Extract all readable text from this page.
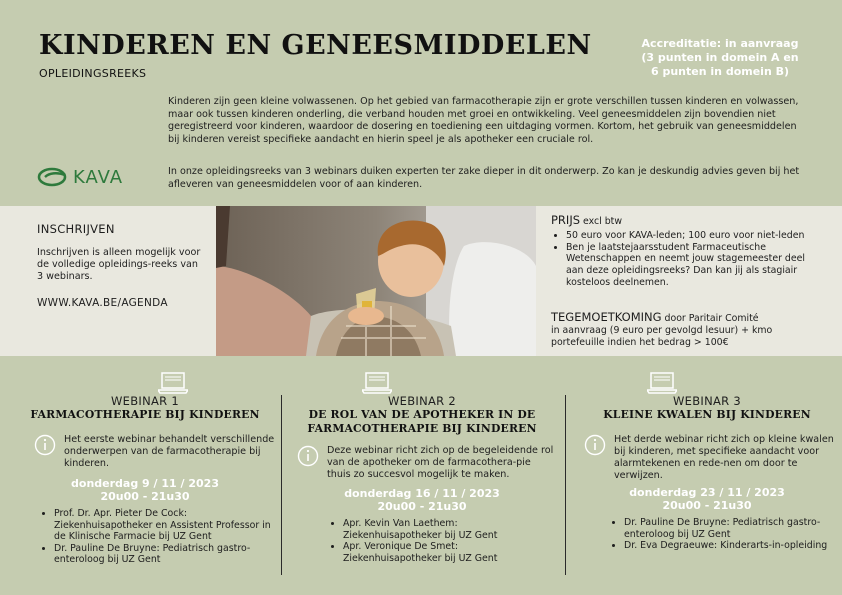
KINDEREN EN GENEESMIDDELEN
OPLEIDINGSREEKS
Accreditatie: in aanvraag
(3 punten in domein A en
6 punten in domein B)
Kinderen zijn geen kleine volwassenen. Op het gebied van farmacotherapie zijn er grote verschillen tussen kinderen en volwassen, maar ook tussen kinderen onderling, die verband houden met groei en ontwikkeling. Veel geneesmiddelen zijn bovendien niet geregistreerd voor kinderen, waardoor de dosering en toediening een uitdaging vormen. Kortom, het gebruik van geneesmiddelen bij kinderen vereist specifieke aandacht en hierin speel je als apotheker een cruciale rol.
In onze opleidingsreeks van 3 webinars duiken experten ter zake dieper in dit onderwerp. Zo kan je deskundig advies geven bij het afleveren van geneesmiddelen voor of aan kinderen.
KAVA
INSCHRIJVEN
Inschrijven is alleen mogelijk voor de volledige opleidings-reeks van 3 webinars.
WWW.KAVA.BE/AGENDA
PRIJS excl btw
• 50 euro voor KAVA-leden; 100 euro voor niet-leden
• Ben je laatstejaarsstudent Farmaceutische Wetenschappen en neemt jouw stagemeester deel aan deze opleidingsreeks? Dan kan jij als stagiair kosteloos deelnemen.
TEGEMOETKOMING door Paritair Comité
in aanvraag (9 euro per gevolgd lesuur) + kmo portefeuille indien het bedrag > 100€
WEBINAR 1
FARMACOTHERAPIE BIJ KINDEREN
Het eerste webinar behandelt verschillende onderwerpen van de farmacotherapie bij kinderen.
donderdag 9 / 11 / 2023
20u00 - 21u30
• Prof. Dr. Apr. Pieter De Cock: Ziekenhuisapotheker en Assistent Professor in de Klinische Farmacie bij UZ Gent
• Dr. Pauline De Bruyne: Pediatrisch gastro-enteroloog bij UZ Gent
WEBINAR 2
DE ROL VAN DE APOTHEKER IN DE FARMACOTHERAPIE BIJ KINDEREN
Deze webinar richt zich op de begeleidende rol van de apotheker om de farmacothera-pie thuis zo succesvol mogelijk te maken.
donderdag 16 / 11 / 2023
20u00 - 21u30
• Apr. Kevin Van Laethem: Ziekenhuisapotheker bij UZ Gent
• Apr. Veronique De Smet: Ziekenhuisapotheker bij UZ Gent
WEBINAR 3
KLEINE KWALEN BIJ KINDEREN
Het derde webinar richt zich op kleine kwalen bij kinderen, met specifieke aandacht voor alarmtekenen en rede-nen om door te verwijzen.
donderdag 23 / 11 / 2023
20u00 - 21u30
• Dr. Pauline De Bruyne: Pediatrisch gastro-enteroloog bij UZ Gent
• Dr. Eva Degraeuwe: Kinderarts-in-opleiding
